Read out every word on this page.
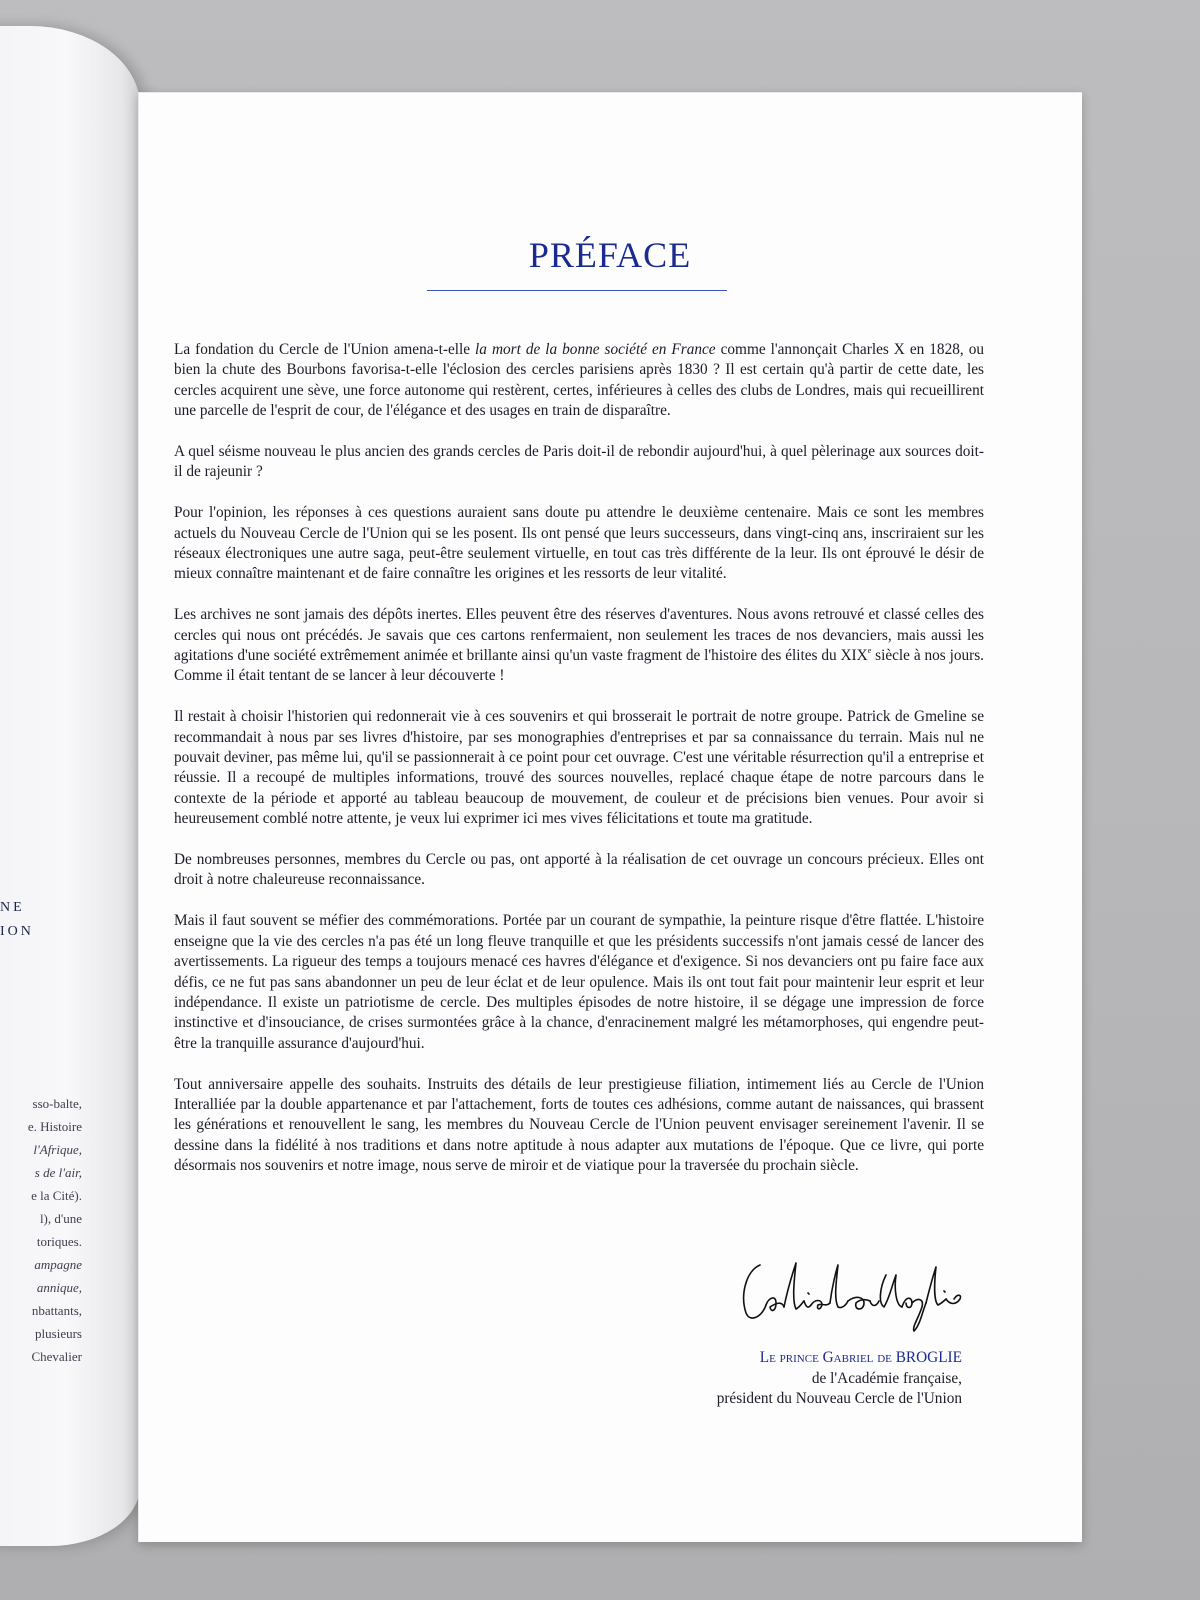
NE
ION
sso-balte,
e. Histoire
l'Afrique,
s de l'air,
e la Cité).
l), d'une
toriques.
ampagne
annique,
nbattants,
plusieurs
Chevalier
PRÉFACE

La fondation du Cercle de l'Union amena-t-elle la mort de la bonne société en France comme l'annonçait Charles X en 1828, ou bien la chute des Bourbons favorisa-t-elle l'éclosion des cercles parisiens après 1830 ? Il est certain qu'à partir de cette date, les cercles acquirent une sève, une force autonome qui restèrent, certes, inférieures à celles des clubs de Londres, mais qui recueillirent une parcelle de l'esprit de cour, de l'élégance et des usages en train de disparaître.

A quel séisme nouveau le plus ancien des grands cercles de Paris doit-il de rebondir aujourd'hui, à quel pèlerinage aux sources doit-il de rajeunir ?

Pour l'opinion, les réponses à ces questions auraient sans doute pu attendre le deuxième centenaire. Mais ce sont les membres actuels du Nouveau Cercle de l'Union qui se les posent. Ils ont pensé que leurs successeurs, dans vingt-cinq ans, inscriraient sur les réseaux électroniques une autre saga, peut-être seulement virtuelle, en tout cas très différente de la leur. Ils ont éprouvé le désir de mieux connaître maintenant et de faire connaître les origines et les ressorts de leur vitalité.

Les archives ne sont jamais des dépôts inertes. Elles peuvent être des réserves d'aventures. Nous avons retrouvé et classé celles des cercles qui nous ont précédés. Je savais que ces cartons renfermaient, non seulement les traces de nos devanciers, mais aussi les agitations d'une société extrêmement animée et brillante ainsi qu'un vaste fragment de l'histoire des élites du XIXe siècle à nos jours. Comme il était tentant de se lancer à leur découverte !

Il restait à choisir l'historien qui redonnerait vie à ces souvenirs et qui brosserait le portrait de notre groupe. Patrick de Gmeline se recommandait à nous par ses livres d'histoire, par ses monographies d'entreprises et par sa connaissance du terrain. Mais nul ne pouvait deviner, pas même lui, qu'il se passionnerait à ce point pour cet ouvrage. C'est une véritable résurrection qu'il a entreprise et réussie. Il a recoupé de multiples informations, trouvé des sources nouvelles, replacé chaque étape de notre parcours dans le contexte de la période et apporté au tableau beaucoup de mouvement, de couleur et de précisions bien venues. Pour avoir si heureusement comblé notre attente, je veux lui exprimer ici mes vives félicitations et toute ma gratitude.

De nombreuses personnes, membres du Cercle ou pas, ont apporté à la réalisation de cet ouvrage un concours précieux. Elles ont droit à notre chaleureuse reconnaissance.

Mais il faut souvent se méfier des commémorations. Portée par un courant de sympathie, la peinture risque d'être flattée. L'histoire enseigne que la vie des cercles n'a pas été un long fleuve tranquille et que les présidents successifs n'ont jamais cessé de lancer des avertissements. La rigueur des temps a toujours menacé ces havres d'élégance et d'exigence. Si nos devanciers ont pu faire face aux défis, ce ne fut pas sans abandonner un peu de leur éclat et de leur opulence. Mais ils ont tout fait pour maintenir leur esprit et leur indépendance. Il existe un patriotisme de cercle. Des multiples épisodes de notre histoire, il se dégage une impression de force instinctive et d'insouciance, de crises surmontées grâce à la chance, d'enracinement malgré les métamorphoses, qui engendre peut-être la tranquille assurance d'aujourd'hui.

Tout anniversaire appelle des souhaits. Instruits des détails de leur prestigieuse filiation, intimement liés au Cercle de l'Union Interalliée par la double appartenance et par l'attachement, forts de toutes ces adhésions, comme autant de naissances, qui brassent les générations et renouvellent le sang, les membres du Nouveau Cercle de l'Union peuvent envisager sereinement l'avenir. Il se dessine dans la fidélité à nos traditions et dans notre aptitude à nous adapter aux mutations de l'époque. Que ce livre, qui porte désormais nos souvenirs et notre image, nous serve de miroir et de viatique pour la traversée du prochain siècle.

Le prince Gabriel de BROGLIE
de l'Académie française,
président du Nouveau Cercle de l'Union
